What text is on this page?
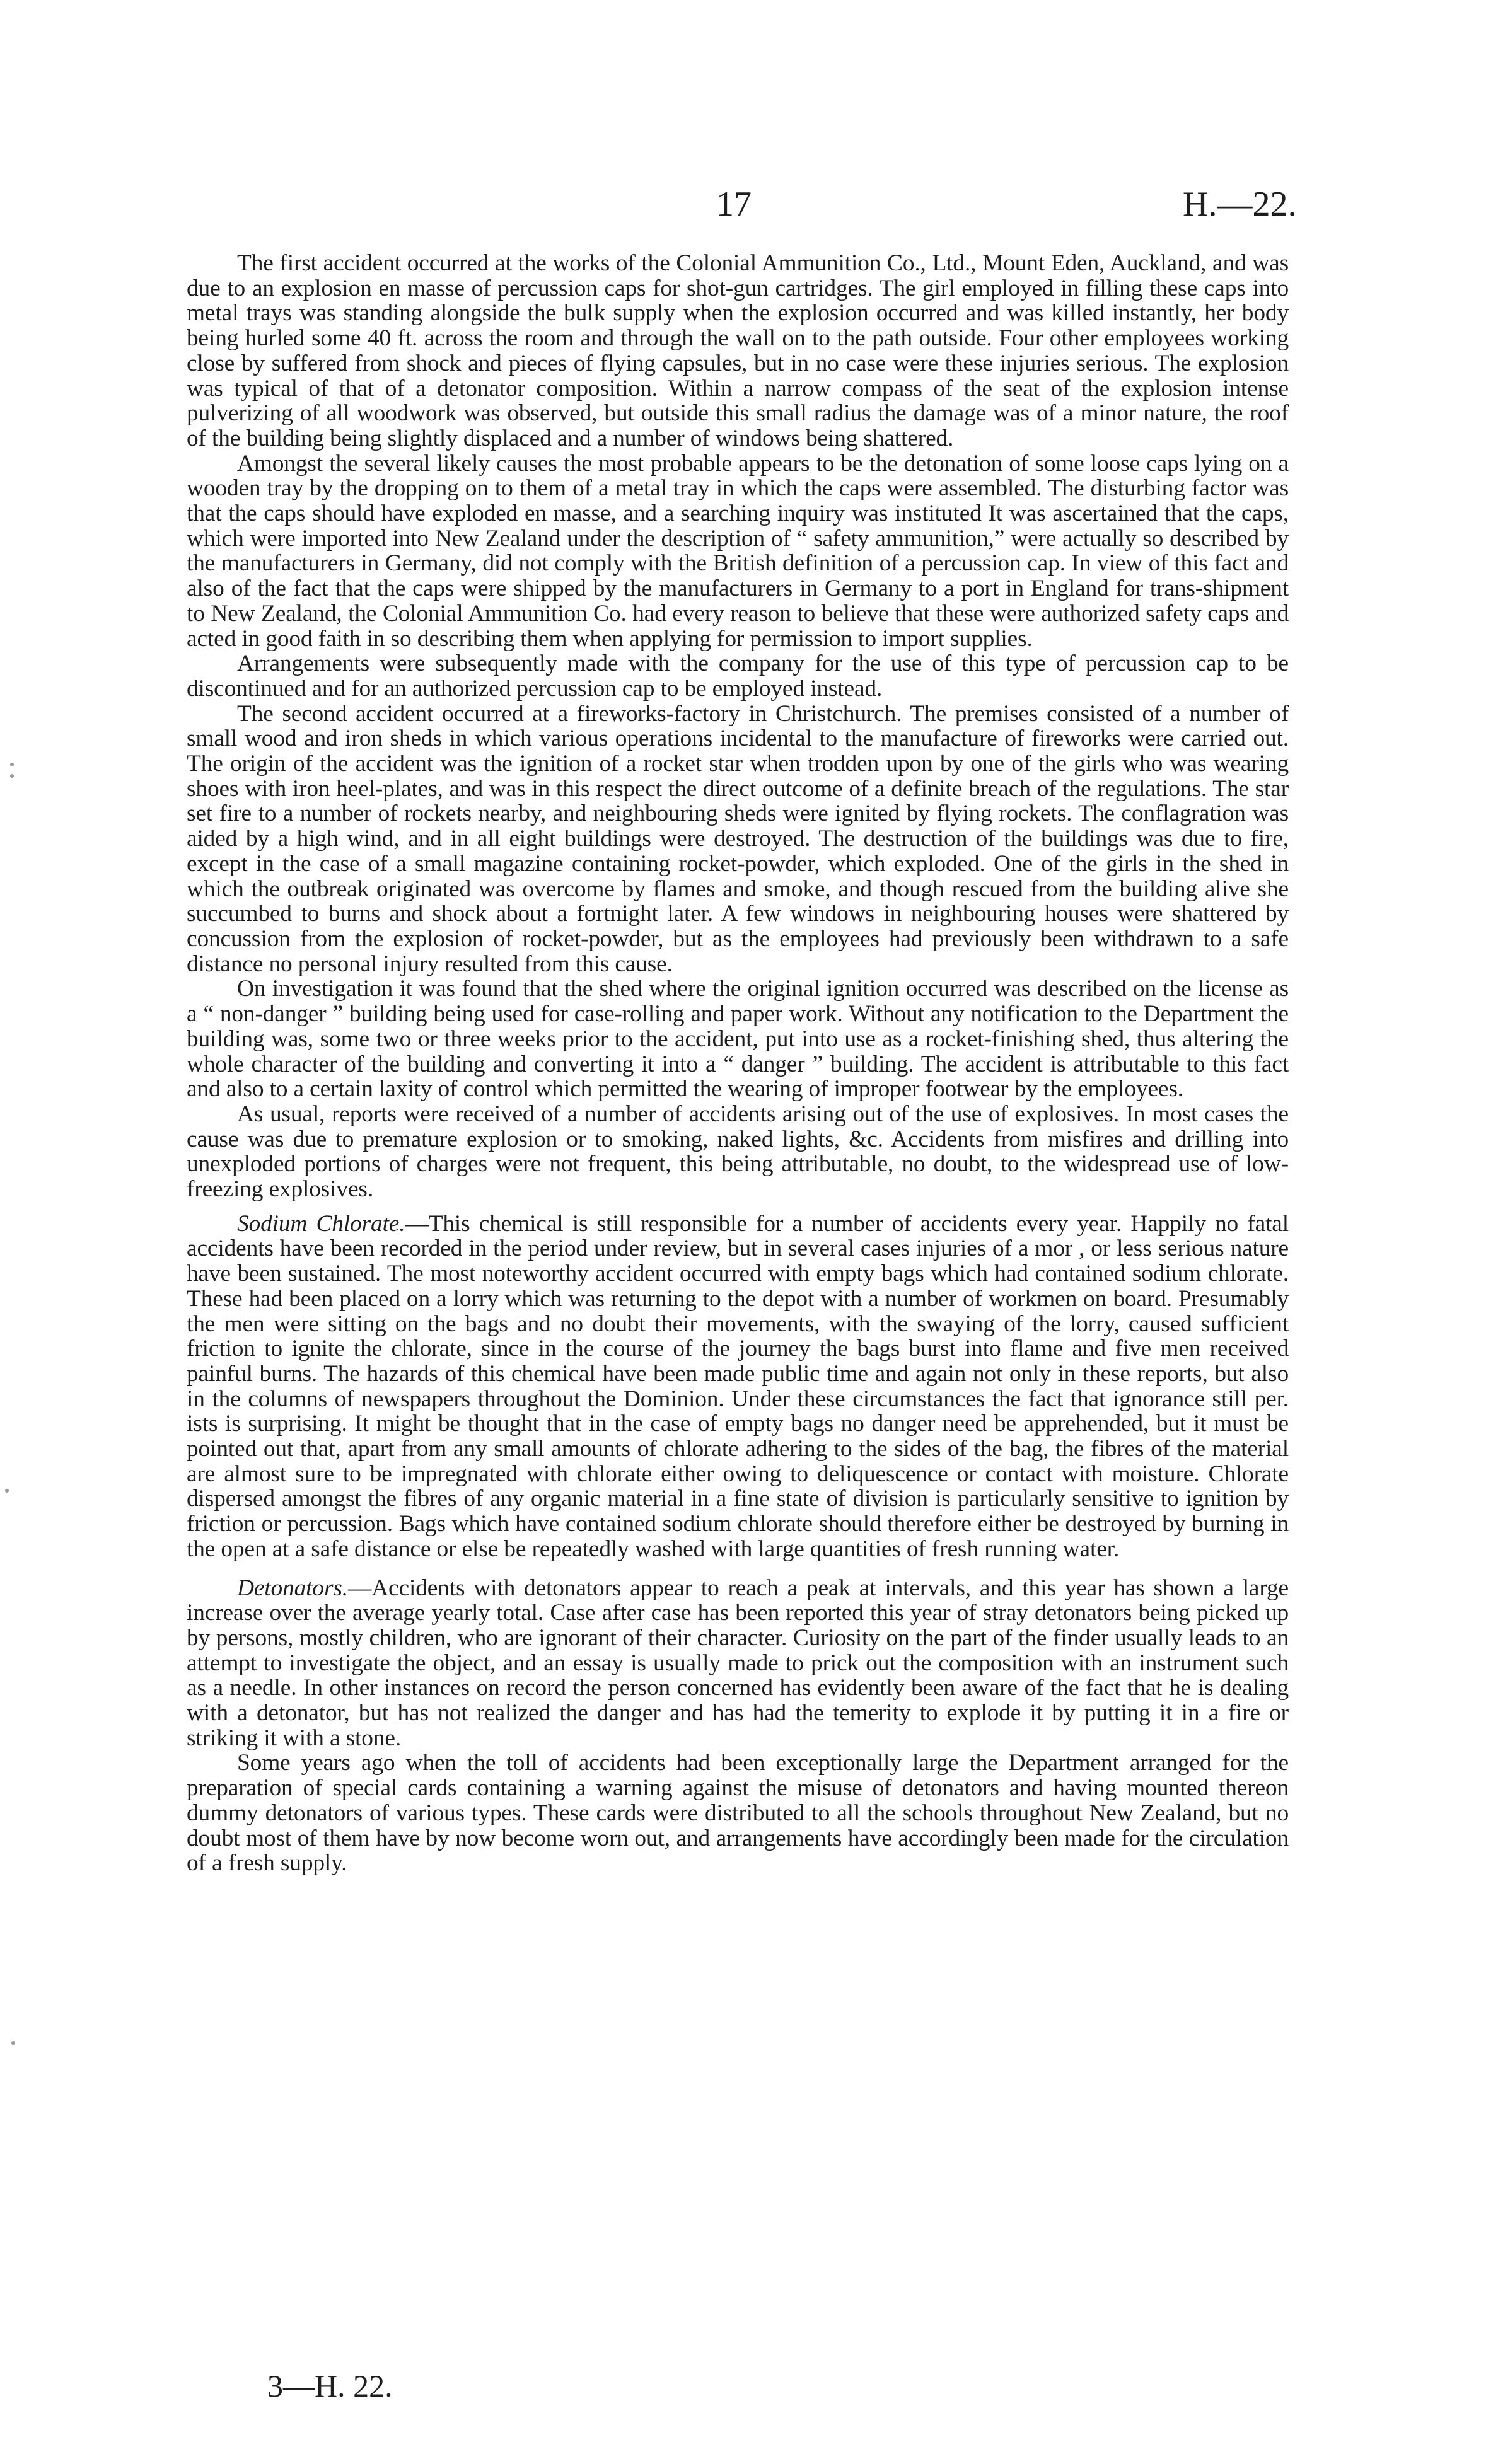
17	H.—22.

The first accident occurred at the works of the Colonial Ammunition Co., Ltd., Mount Eden, Auckland, and was due to an explosion en masse of percussion caps for shot-gun cartridges. The girl employed in filling these caps into metal trays was standing alongside the bulk supply when the explosion occurred and was killed instantly, her body being hurled some 40 ft. across the room and through the wall on to the path outside. Four other employees working close by suffered from shock and pieces of flying capsules, but in no case were these injuries serious. The explosion was typical of that of a detonator composition. Within a narrow compass of the seat of the explosion intense pulverizing of all woodwork was observed, but outside this small radius the damage was of a minor nature, the roof of the building being slightly displaced and a number of windows being shattered.

Amongst the several likely causes the most probable appears to be the detonation of some loose caps lying on a wooden tray by the dropping on to them of a metal tray in which the caps were assembled. The disturbing factor was that the caps should have exploded en masse, and a searching inquiry was instituted It was ascertained that the caps, which were imported into New Zealand under the description of “ safety ammunition,” were actually so described by the manufacturers in Germany, did not comply with the British definition of a percussion cap. In view of this fact and also of the fact that the caps were shipped by the manufacturers in Germany to a port in England for trans-shipment to New Zealand, the Colonial Ammunition Co. had every reason to believe that these were authorized safety caps and acted in good faith in so describing them when applying for permission to import supplies.

Arrangements were subsequently made with the company for the use of this type of percussion cap to be discontinued and for an authorized percussion cap to be employed instead.

The second accident occurred at a fireworks-factory in Christchurch. The premises consisted of a number of small wood and iron sheds in which various operations incidental to the manufacture of fireworks were carried out. The origin of the accident was the ignition of a rocket star when trodden upon by one of the girls who was wearing shoes with iron heel-plates, and was in this respect the direct outcome of a definite breach of the regulations. The star set fire to a number of rockets nearby, and neighbouring sheds were ignited by flying rockets. The conflagration was aided by a high wind, and in all eight buildings were destroyed. The destruction of the buildings was due to fire, except in the case of a small magazine containing rocket-powder, which exploded. One of the girls in the shed in which the outbreak originated was overcome by flames and smoke, and though rescued from the building alive she succumbed to burns and shock about a fortnight later. A few windows in neighbouring houses were shattered by concussion from the explosion of rocket-powder, but as the employees had previously been withdrawn to a safe distance no personal injury resulted from this cause.

On investigation it was found that the shed where the original ignition occurred was described on the license as a “ non-danger ” building being used for case-rolling and paper work. Without any notification to the Department the building was, some two or three weeks prior to the accident, put into use as a rocket-finishing shed, thus altering the whole character of the building and converting it into a “ danger ” building. The accident is attributable to this fact and also to a certain laxity of control which permitted the wearing of improper footwear by the employees.

As usual, reports were received of a number of accidents arising out of the use of explosives. In most cases the cause was due to premature explosion or to smoking, naked lights, &c. Accidents from misfires and drilling into unexploded portions of charges were not frequent, this being attributable, no doubt, to the widespread use of low-freezing explosives.

Sodium Chlorate.—This chemical is still responsible for a number of accidents every year. Happily no fatal accidents have been recorded in the period under review, but in several cases injuries of a mor , or less serious nature have been sustained. The most noteworthy accident occurred with empty bags which had contained sodium chlorate. These had been placed on a lorry which was returning to the depot with a number of workmen on board. Presumably the men were sitting on the bags and no doubt their movements, with the swaying of the lorry, caused sufficient friction to ignite the chlorate, since in the course of the journey the bags burst into flame and five men received painful burns. The hazards of this chemical have been made public time and again not only in these reports, but also in the columns of newspapers throughout the Dominion. Under these circumstances the fact that ignorance still per. ists is surprising. It might be thought that in the case of empty bags no danger need be apprehended, but it must be pointed out that, apart from any small amounts of chlorate adhering to the sides of the bag, the fibres of the material are almost sure to be impregnated with chlorate either owing to deliquescence or contact with moisture. Chlorate dispersed amongst the fibres of any organic material in a fine state of division is particularly sensitive to ignition by friction or percussion. Bags which have contained sodium chlorate should therefore either be destroyed by burning in the open at a safe distance or else be repeatedly washed with large quantities of fresh running water.

Detonators.—Accidents with detonators appear to reach a peak at intervals, and this year has shown a large increase over the average yearly total. Case after case has been reported this year of stray detonators being picked up by persons, mostly children, who are ignorant of their character. Curiosity on the part of the finder usually leads to an attempt to investigate the object, and an essay is usually made to prick out the composition with an instrument such as a needle. In other instances on record the person concerned has evidently been aware of the fact that he is dealing with a detonator, but has not realized the danger and has had the temerity to explode it by putting it in a fire or striking it with a stone.

Some years ago when the toll of accidents had been exceptionally large the Department arranged for the preparation of special cards containing a warning against the misuse of detonators and having mounted thereon dummy detonators of various types. These cards were distributed to all the schools throughout New Zealand, but no doubt most of them have by now become worn out, and arrangements have accordingly been made for the circulation of a fresh supply.

3—H. 22.
